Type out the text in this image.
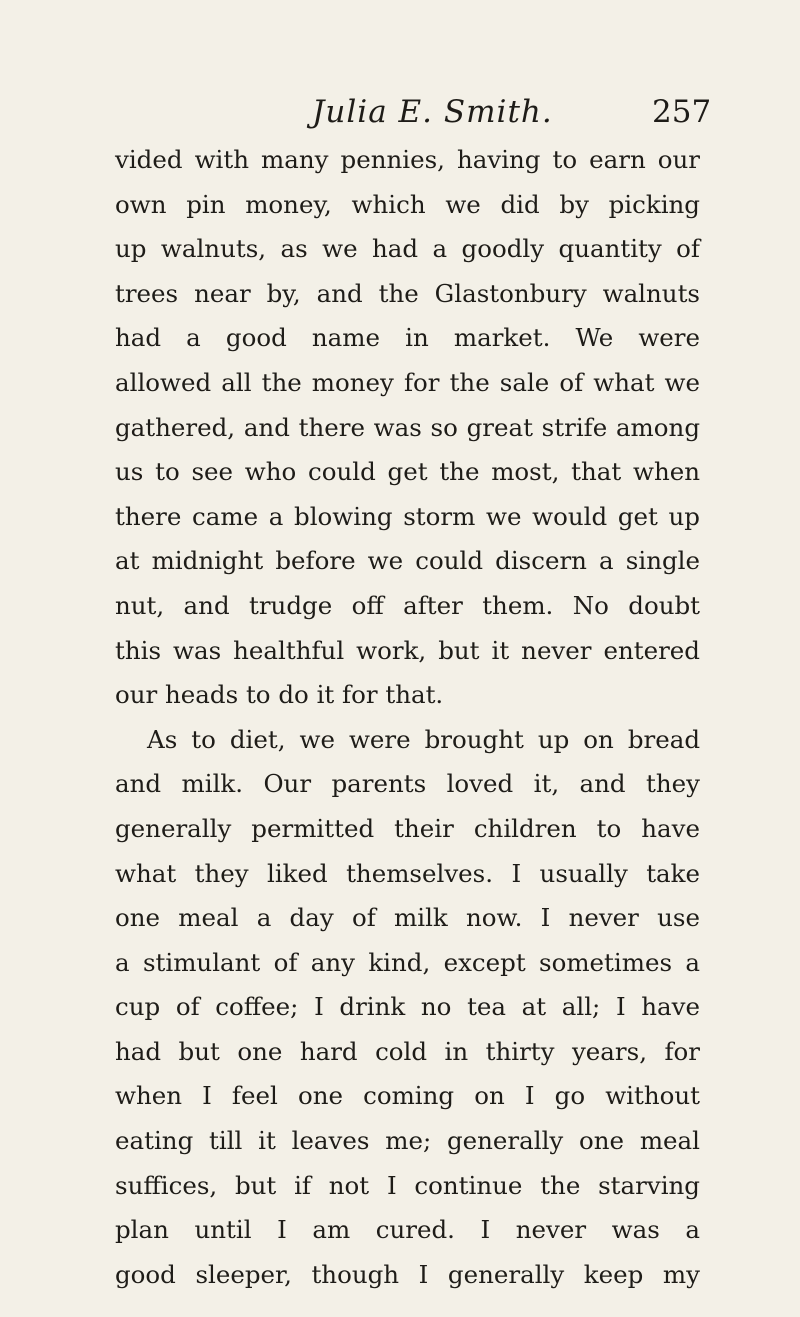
Julia E. Smith.	257
vided with many pennies, having to earn our
own pin money, which we did by picking
up walnuts, as we had a goodly quantity of
trees near by, and the Glastonbury walnuts
had a good name in market. We were
allowed all the money for the sale of what we
gathered, and there was so great strife among
us to see who could get the most, that when
there came a blowing storm we would get up
at midnight before we could discern a single
nut, and trudge off after them. No doubt
this was healthful work, but it never entered
our heads to do it for that.
As to diet, we were brought up on bread
and milk. Our parents loved it, and they
generally permitted their children to have
what they liked themselves. I usually take
one meal a day of milk now. I never use
a stimulant of any kind, except sometimes a
cup of coffee; I drink no tea at all; I have
had but one hard cold in thirty years, for
when I feel one coming on I go without
eating till it leaves me; generally one meal
suffices, but if not I continue the starving
plan until I am cured. I never was a
good sleeper, though I generally keep my
